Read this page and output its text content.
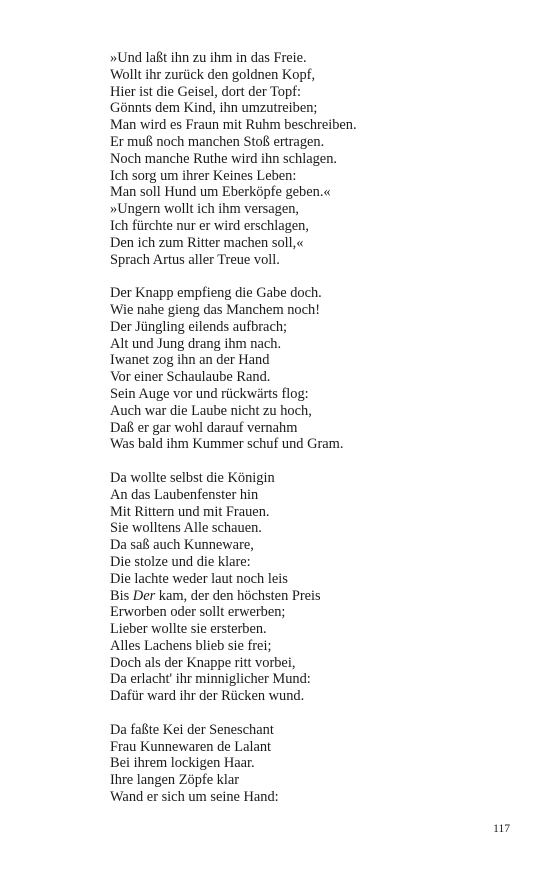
»Und laßt ihn zu ihm in das Freie.
Wollt ihr zurück den goldnen Kopf,
Hier ist die Geisel, dort der Topf:
Gönnts dem Kind, ihn umzutreiben;
Man wird es Fraun mit Ruhm beschreiben.
Er muß noch manchen Stoß ertragen.
Noch manche Ruthe wird ihn schlagen.
Ich sorg um ihrer Keines Leben:
Man soll Hund um Eberköpfe geben.«
»Ungern wollt ich ihm versagen,
Ich fürchte nur er wird erschlagen,
Den ich zum Ritter machen soll,«
Sprach Artus aller Treue voll.
Der Knapp empfieng die Gabe doch.
Wie nahe gieng das Manchem noch!
Der Jüngling eilends aufbrach;
Alt und Jung drang ihm nach.
Iwanet zog ihn an der Hand
Vor einer Schaulaube Rand.
Sein Auge vor und rückwärts flog:
Auch war die Laube nicht zu hoch,
Daß er gar wohl darauf vernahm
Was bald ihm Kummer schuf und Gram.
Da wollte selbst die Königin
An das Laubenfenster hin
Mit Rittern und mit Frauen.
Sie wolltens Alle schauen.
Da saß auch Kunneware,
Die stolze und die klare:
Die lachte weder laut noch leis
Bis Der kam, der den höchsten Preis
Erworben oder sollt erwerben;
Lieber wollte sie ersterben.
Alles Lachens blieb sie frei;
Doch als der Knappe ritt vorbei,
Da erlacht' ihr minniglicher Mund:
Dafür ward ihr der Rücken wund.
Da faßte Kei der Seneschant
Frau Kunnewaren de Lalant
Bei ihrem lockigen Haar.
Ihre langen Zöpfe klar
Wand er sich um seine Hand:
117
